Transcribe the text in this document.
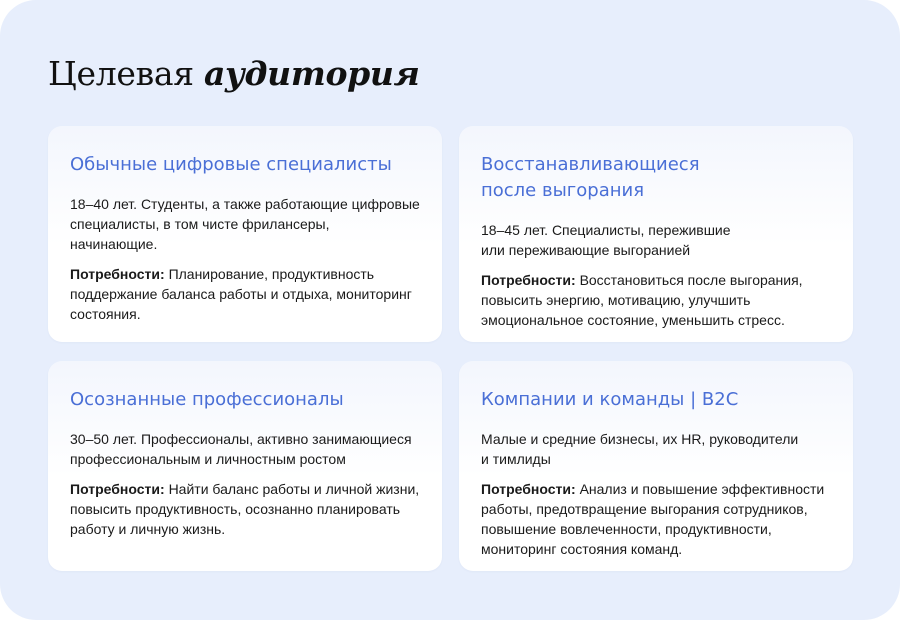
Целевая аудитория
Обычные цифровые специалисты

18–40 лет. Студенты, а также работающие цифровые специалисты, в том чисте фрилансеры, начинающие.

Потребности: Планирование, продуктивность поддержание баланса работы и отдыха, мониторинг состояния.

Восстанавливающиеся
после выгорания

18–45 лет. Специалисты, пережившие
или переживающие выгоранией

Потребности: Восстановиться после выгорания, повысить энергию, мотивацию, улучшить эмоциональное состояние, уменьшить стресс.

Осознанные профессионалы

30–50 лет. Профессионалы, активно занимающиеся профессиональным и личностным ростом

Потребности: Найти баланс работы и личной жизни, повысить продуктивность, осознанно планировать работу и личную жизнь.

Компании и команды | B2C

Малые и средние бизнесы, их HR, руководители
и тимлиды

Потребности: Анализ и повышение эффективности работы, предотвращение выгорания сотрудников, повышение вовлеченности, продуктивности, мониторинг состояния команд.
